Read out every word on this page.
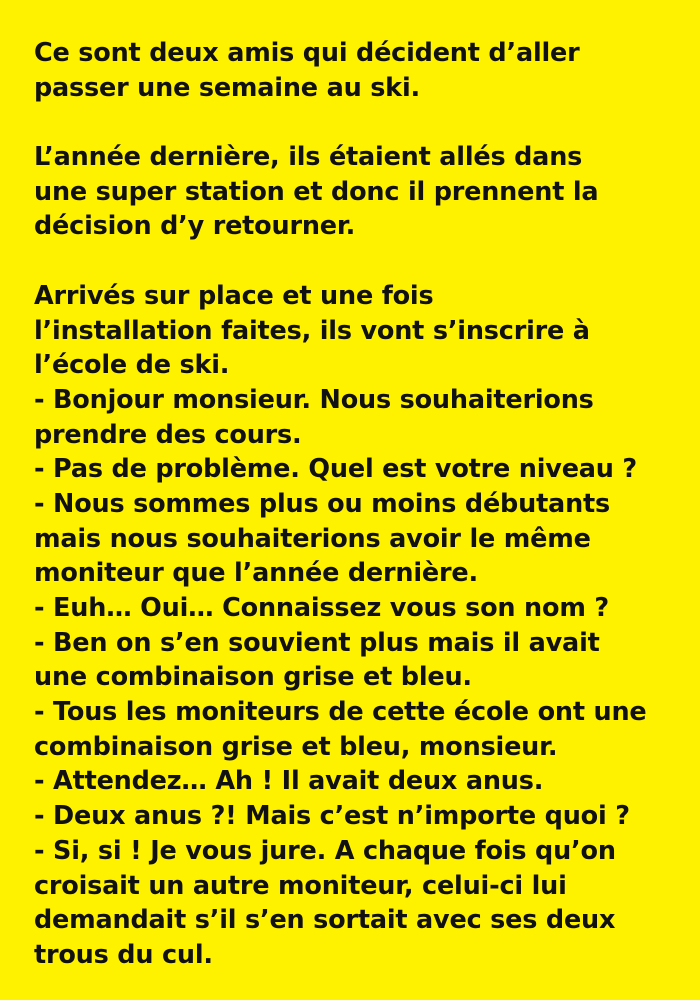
Ce sont deux amis qui décident d’aller
passer une semaine au ski.
L’année dernière, ils étaient allés dans
une super station et donc il prennent la
décision d’y retourner.
Arrivés sur place et une fois
l’installation faites, ils vont s’inscrire à
l’école de ski.
- Bonjour monsieur. Nous souhaiterions
prendre des cours.
- Pas de problème. Quel est votre niveau ?
- Nous sommes plus ou moins débutants
mais nous souhaiterions avoir le même
moniteur que l’année dernière.
- Euh… Oui… Connaissez vous son nom ?
- Ben on s’en souvient plus mais il avait
une combinaison grise et bleu.
- Tous les moniteurs de cette école ont une
combinaison grise et bleu, monsieur.
- Attendez… Ah ! Il avait deux anus.
- Deux anus ?! Mais c’est n’importe quoi ?
- Si, si ! Je vous jure. A chaque fois qu’on
croisait un autre moniteur, celui-ci lui
demandait s’il s’en sortait avec ses deux
trous du cul.
